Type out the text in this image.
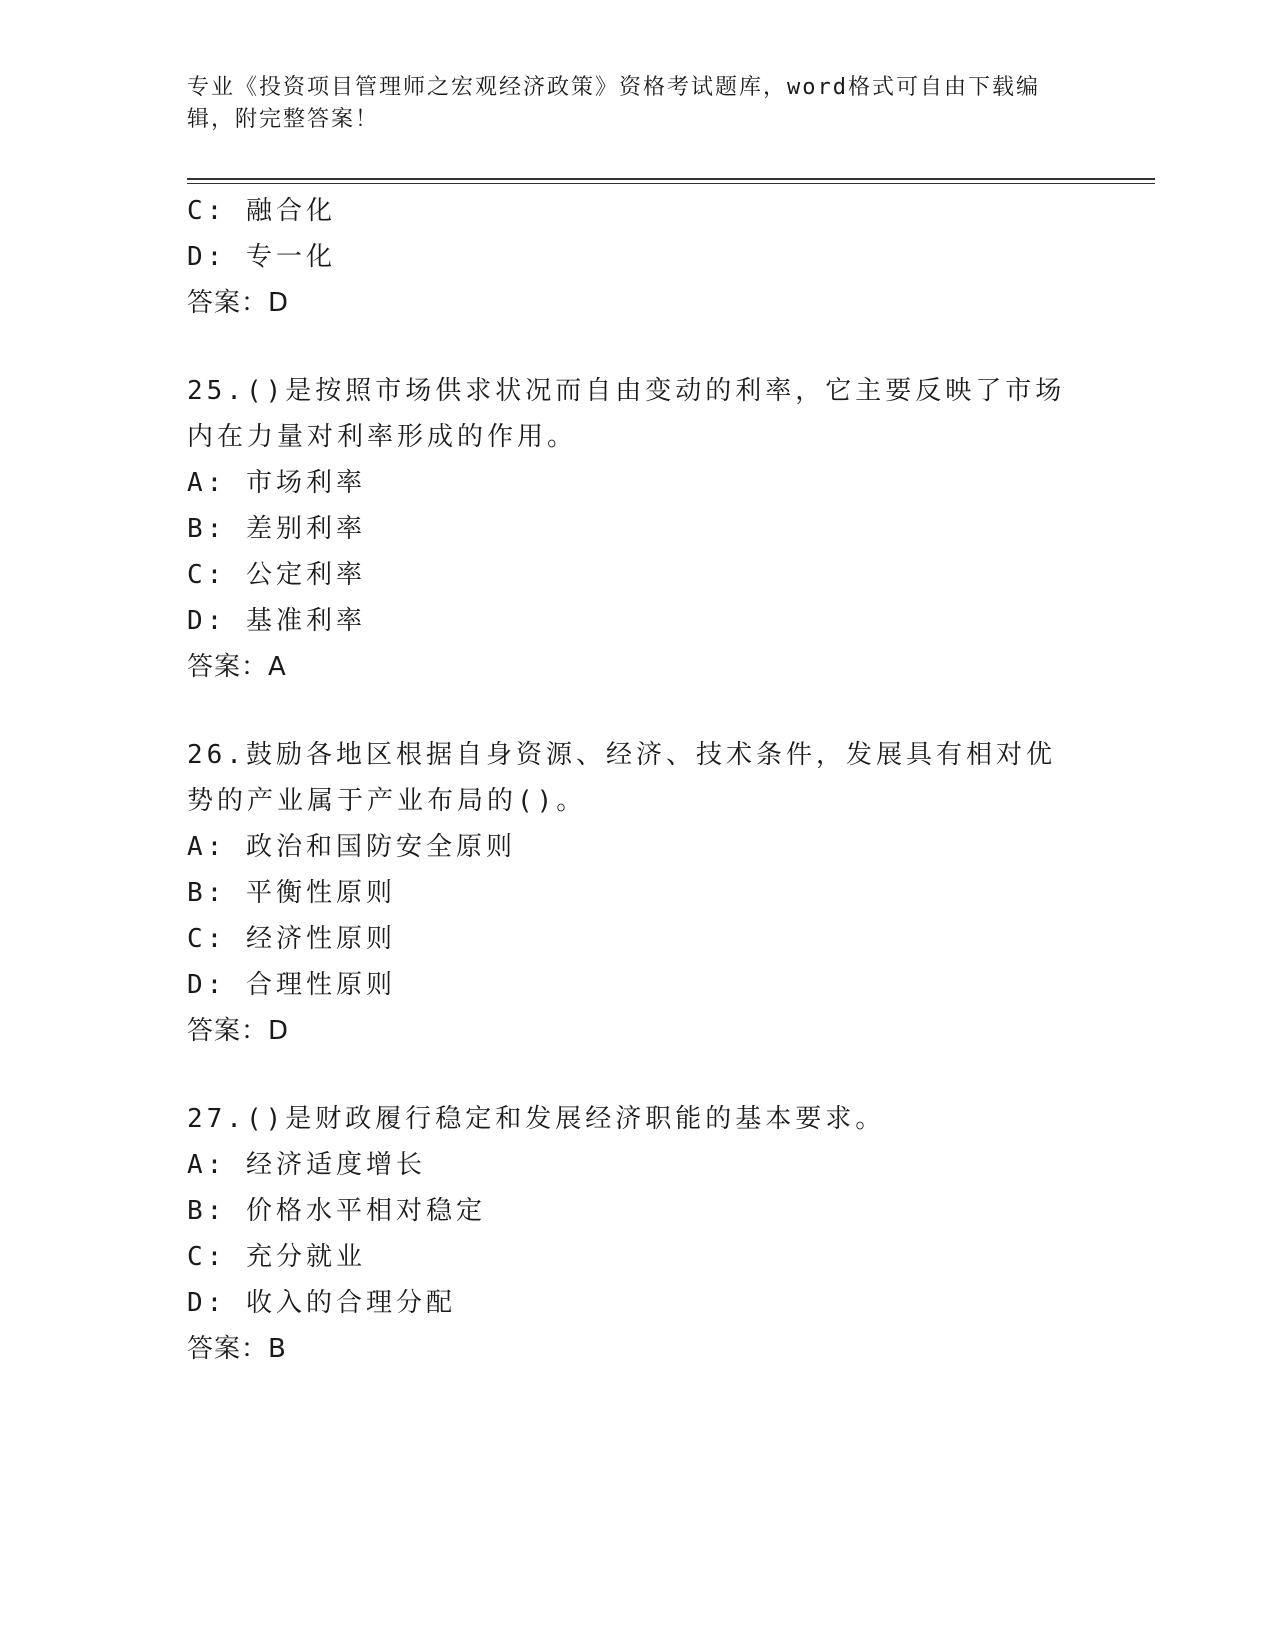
专业《投资项目管理师之宏观经济政策》资格考试题库，word格式可自由下载编辑，附完整答案！
C: 融合化
D: 专一化
答案：D
25.()是按照市场供求状况而自由变动的利率，它主要反映了市场内在力量对利率形成的作用。
A: 市场利率
B: 差别利率
C: 公定利率
D: 基准利率
答案：A
26.鼓励各地区根据自身资源、经济、技术条件，发展具有相对优势的产业属于产业布局的()。
A: 政治和国防安全原则
B: 平衡性原则
C: 经济性原则
D: 合理性原则
答案：D
27.()是财政履行稳定和发展经济职能的基本要求。
A: 经济适度增长
B: 价格水平相对稳定
C: 充分就业
D: 收入的合理分配
答案：B
